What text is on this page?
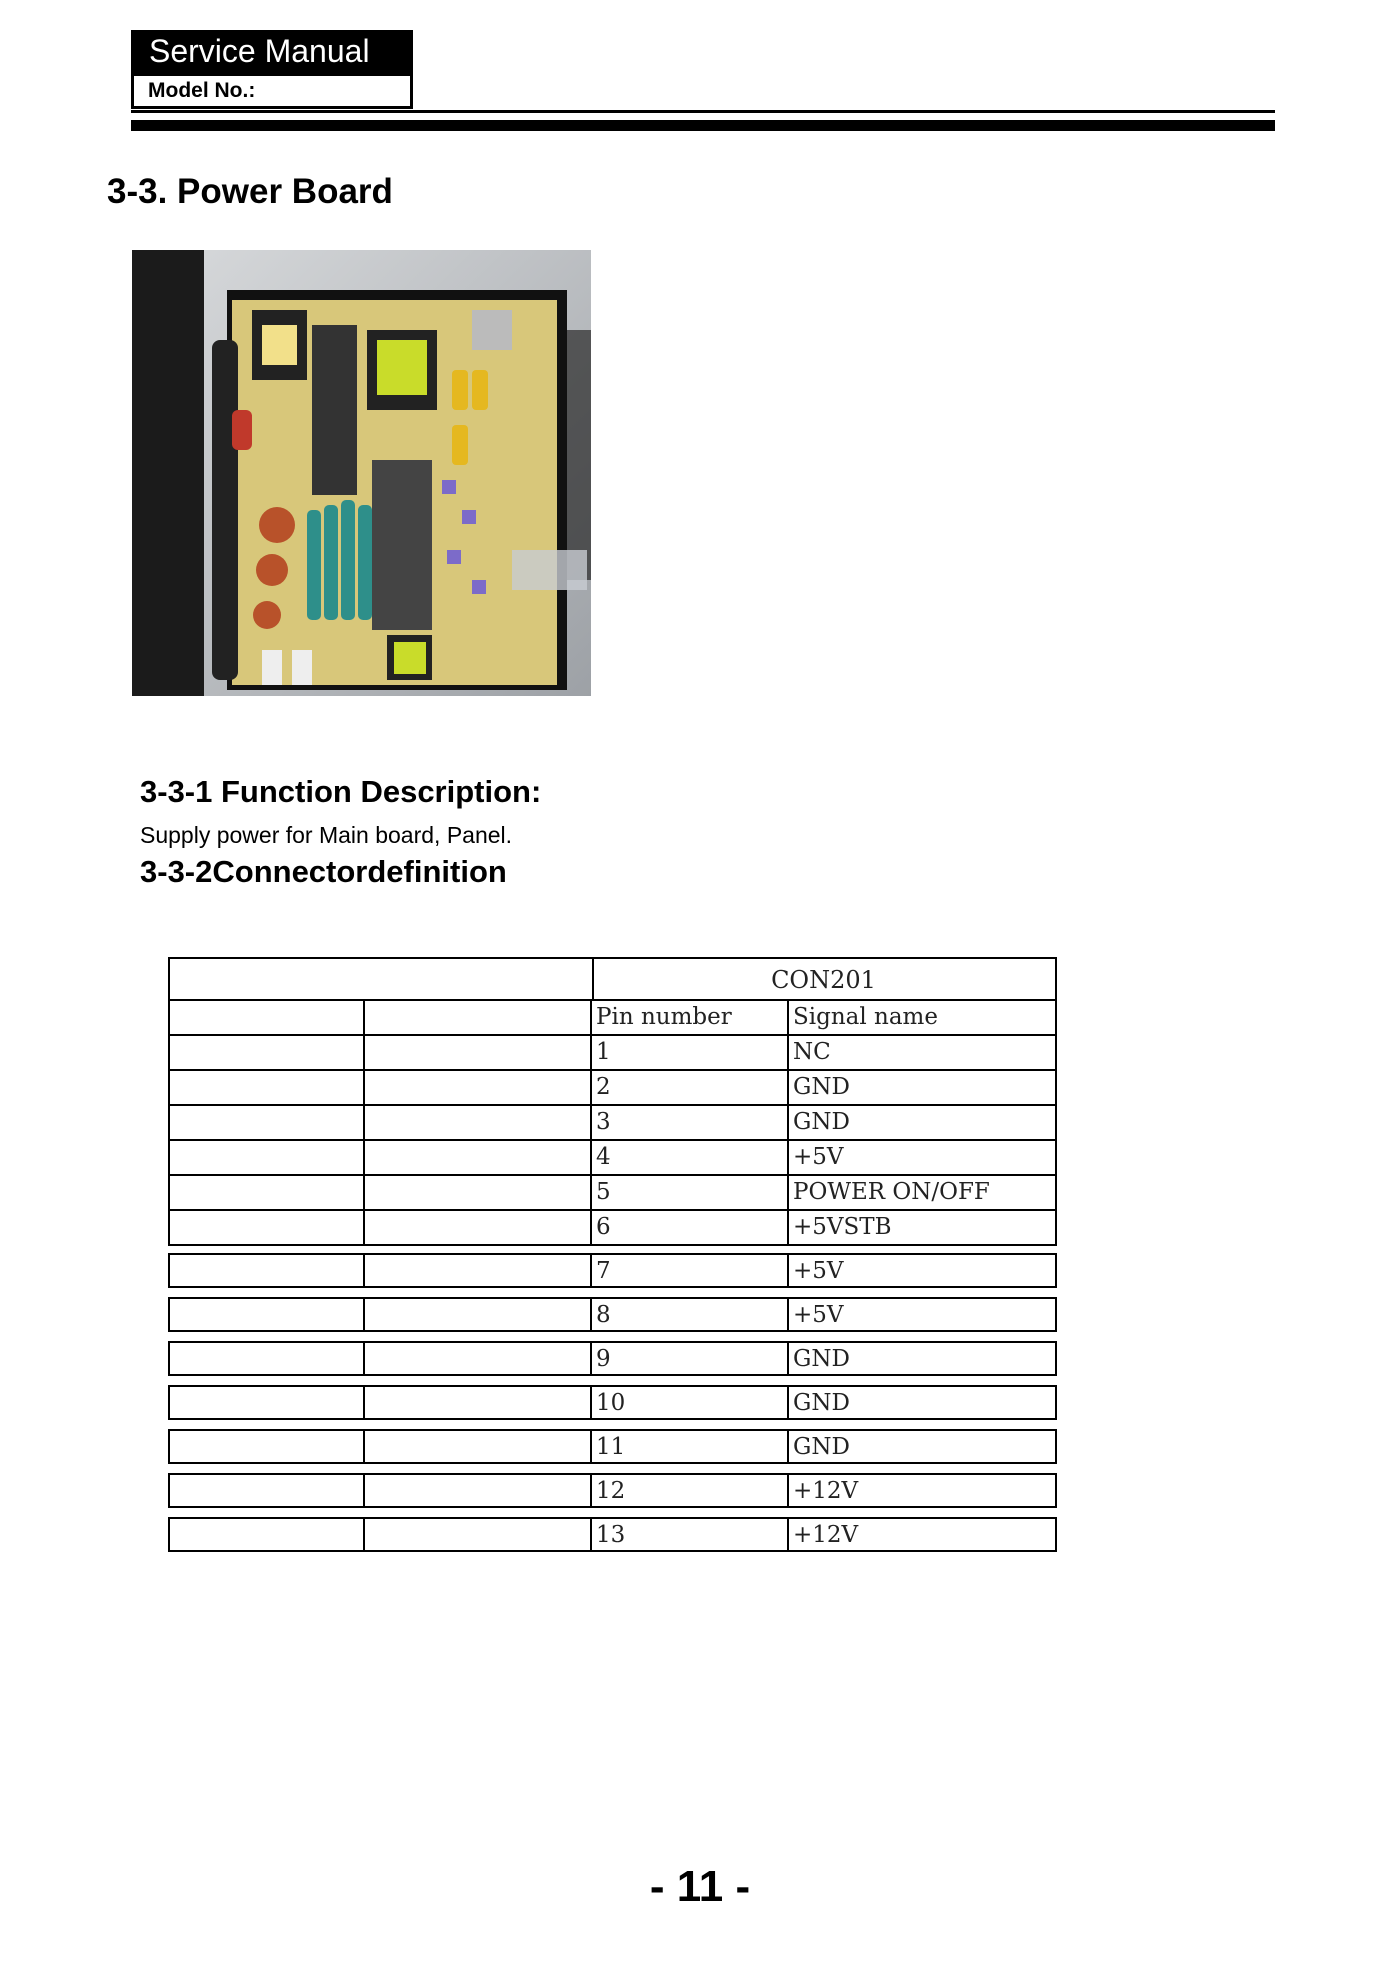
Service Manual
Model No.:
3-3. Power Board
3-3-1 Function Description:

Supply power for Main board, Panel.

3-3-2Connectordefinition
CON201
Pin number	Signal name
1	NC
2	GND
3	GND
4	+5V
5	POWER ON/OFF
6	+5VSTB
7	+5V
8	+5V
9	GND
10	GND
11	GND
12	+12V
13	+12V

- 11 -
